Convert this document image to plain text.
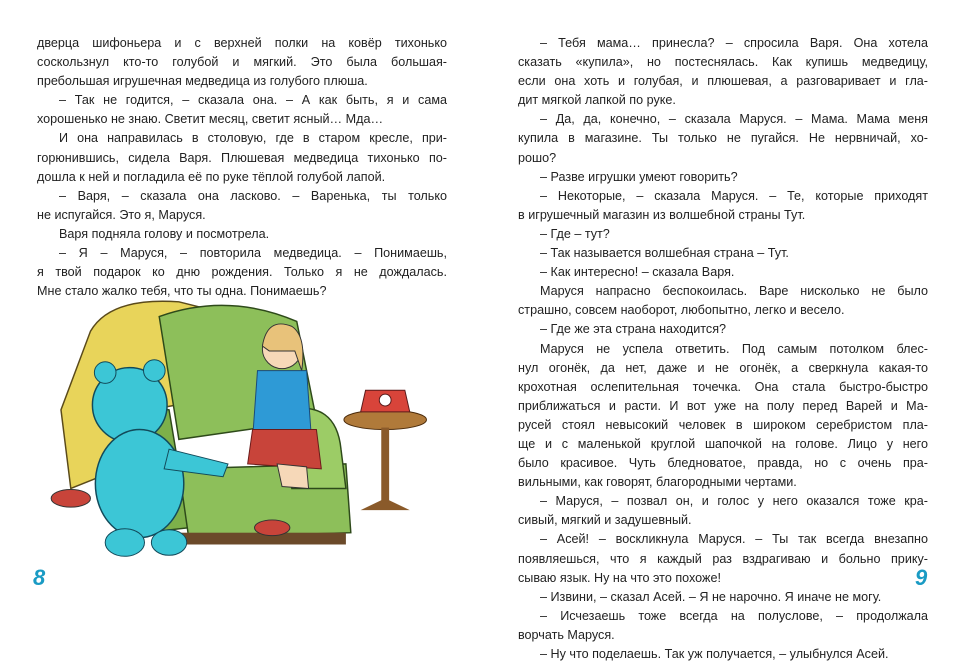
дверца шифоньера и с верхней полки на ковёр тихонько
соскользнул кто-то голубой и мягкий. Это была большая-
пребольшая игрушечная медведица из голубого плюша.
– Так не годится, – сказала она. – А как быть, я и сама
хорошенько не знаю. Светит месяц, светит ясный… Мда…
И она направилась в столовую, где в старом кресле, при-
горюнившись, сидела Варя. Плюшевая медведица тихонько по-
дошла к ней и погладила её по руке тёплой голубой лапой.
– Варя, – сказала она ласково. – Варенька, ты только
не испугайся. Это я, Маруся.
Варя подняла голову и посмотрела.
– Я – Маруся, – повторила медведица. – Понимаешь,
я твой подарок ко дню рождения. Только я не дождалась.
Мне стало жалко тебя, что ты одна. Понимаешь?
– Тебя мама… принесла? – спросила Варя. Она хотела
сказать «купила», но постеснялась. Как купишь медведицу,
если она хоть и голубая, и плюшевая, а разговаривает и гла-
дит мягкой лапкой по руке.
– Да, да, конечно, – сказала Маруся. – Мама. Мама меня
купила в магазине. Ты только не пугайся. Не нервничай, хо-
рошо?
– Разве игрушки умеют говорить?
– Некоторые, – сказала Маруся. – Те, которые приходят
в игрушечный магазин из волшебной страны Тут.
– Где – тут?
– Так называется волшебная страна – Тут.
– Как интересно! – сказала Варя.
Маруся напрасно беспокоилась. Варе нисколько не было
страшно, совсем наоборот, любопытно, легко и весело.
– Где же эта страна находится?
Маруся не успела ответить. Под самым потолком блес-
нул огонёк, да нет, даже и не огонёк, а сверкнула какая-то
крохотная ослепительная точечка. Она стала быстро-быстро
приближаться и расти. И вот уже на полу перед Варей и Ма-
русей стоял невысокий человек в широком серебристом пла-
ще и с маленькой круглой шапочкой на голове. Лицо у него
было красивое. Чуть бледноватое, правда, но с очень пра-
вильными, как говорят, благородными чертами.
– Маруся, – позвал он, и голос у него оказался тоже кра-
сивый, мягкий и задушевный.
– Асей! – воскликнула Маруся. – Ты так всегда внезапно
появляешься, что я каждый раз вздрагиваю и больно прику-
сываю язык. Ну на что это похоже!
– Извини, – сказал Асей. – Я не нарочно. Я иначе не могу.
– Исчезаешь тоже всегда на полуслове, – продолжала
ворчать Маруся.
– Ну что поделаешь. Так уж получается, – улыбнулся Асей.
8	9
